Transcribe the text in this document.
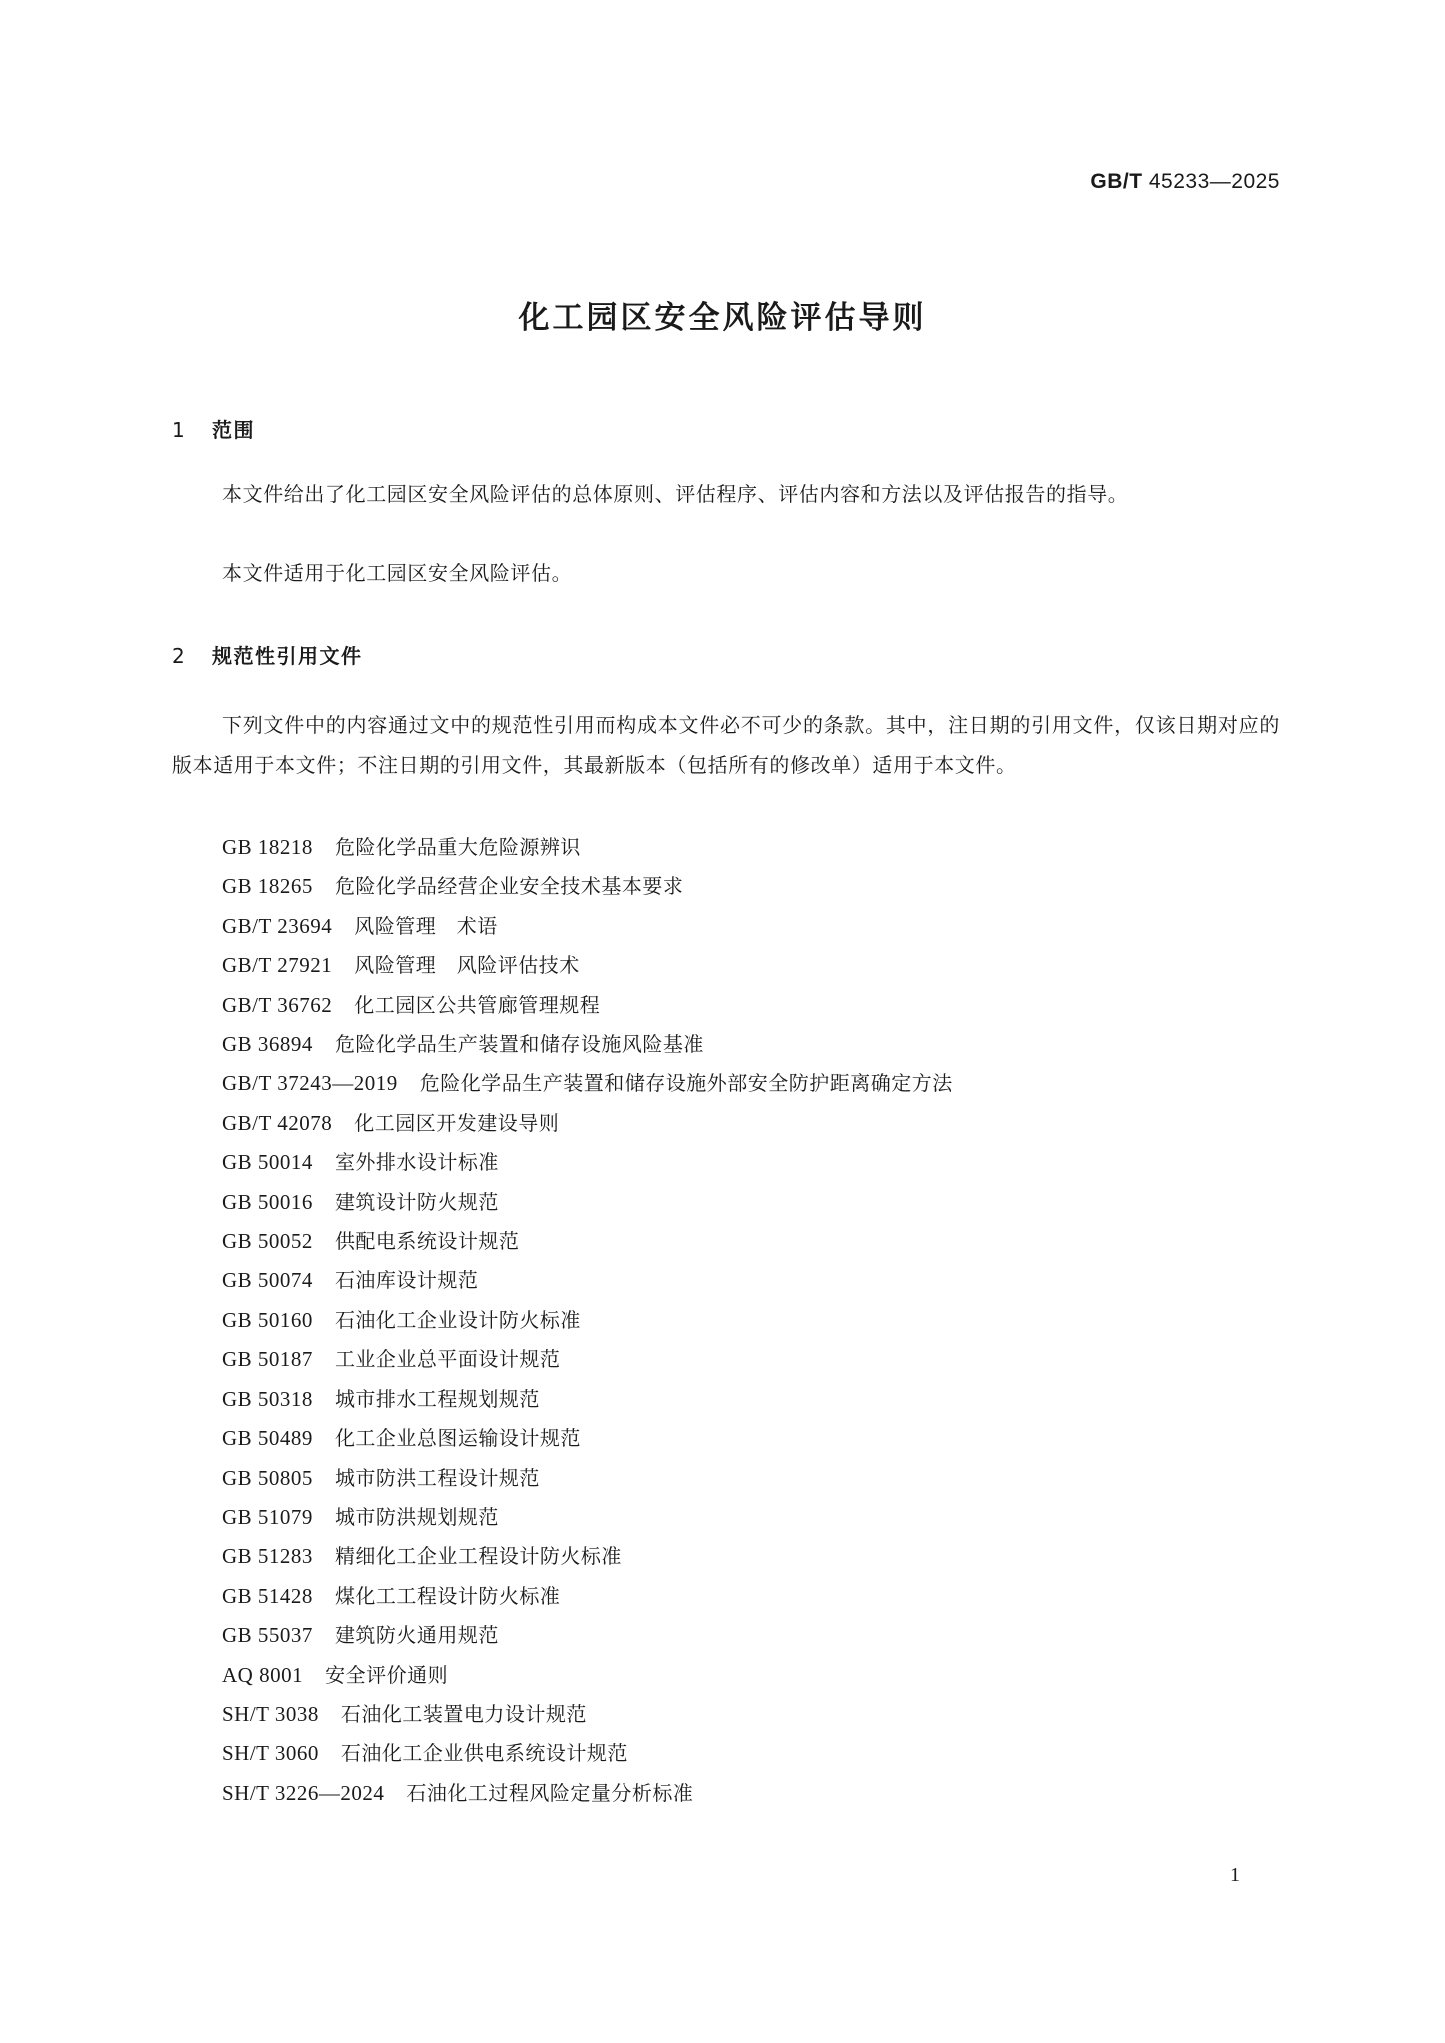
GB/T 45233—2025
化工园区安全风险评估导则
1 范围

本文件给出了化工园区安全风险评估的总体原则、评估程序、评估内容和方法以及评估报告的指导。

本文件适用于化工园区安全风险评估。

2 规范性引用文件

下列文件中的内容通过文中的规范性引用而构成本文件必不可少的条款。其中，注日期的引用文件，仅该日期对应的版本适用于本文件；不注日期的引用文件，其最新版本（包括所有的修改单）适用于本文件。

GB 18218 危险化学品重大危险源辨识
GB 18265 危险化学品经营企业安全技术基本要求
GB/T 23694 风险管理　术语
GB/T 27921 风险管理　风险评估技术
GB/T 36762 化工园区公共管廊管理规程
GB 36894 危险化学品生产装置和储存设施风险基准
GB/T 37243—2019 危险化学品生产装置和储存设施外部安全防护距离确定方法
GB/T 42078 化工园区开发建设导则
GB 50014 室外排水设计标准
GB 50016 建筑设计防火规范
GB 50052 供配电系统设计规范
GB 50074 石油库设计规范
GB 50160 石油化工企业设计防火标准
GB 50187 工业企业总平面设计规范
GB 50318 城市排水工程规划规范
GB 50489 化工企业总图运输设计规范
GB 50805 城市防洪工程设计规范
GB 51079 城市防洪规划规范
GB 51283 精细化工企业工程设计防火标准
GB 51428 煤化工工程设计防火标准
GB 55037 建筑防火通用规范
AQ 8001 安全评价通则
SH/T 3038 石油化工装置电力设计规范
SH/T 3060 石油化工企业供电系统设计规范
SH/T 3226—2024 石油化工过程风险定量分析标准
1
